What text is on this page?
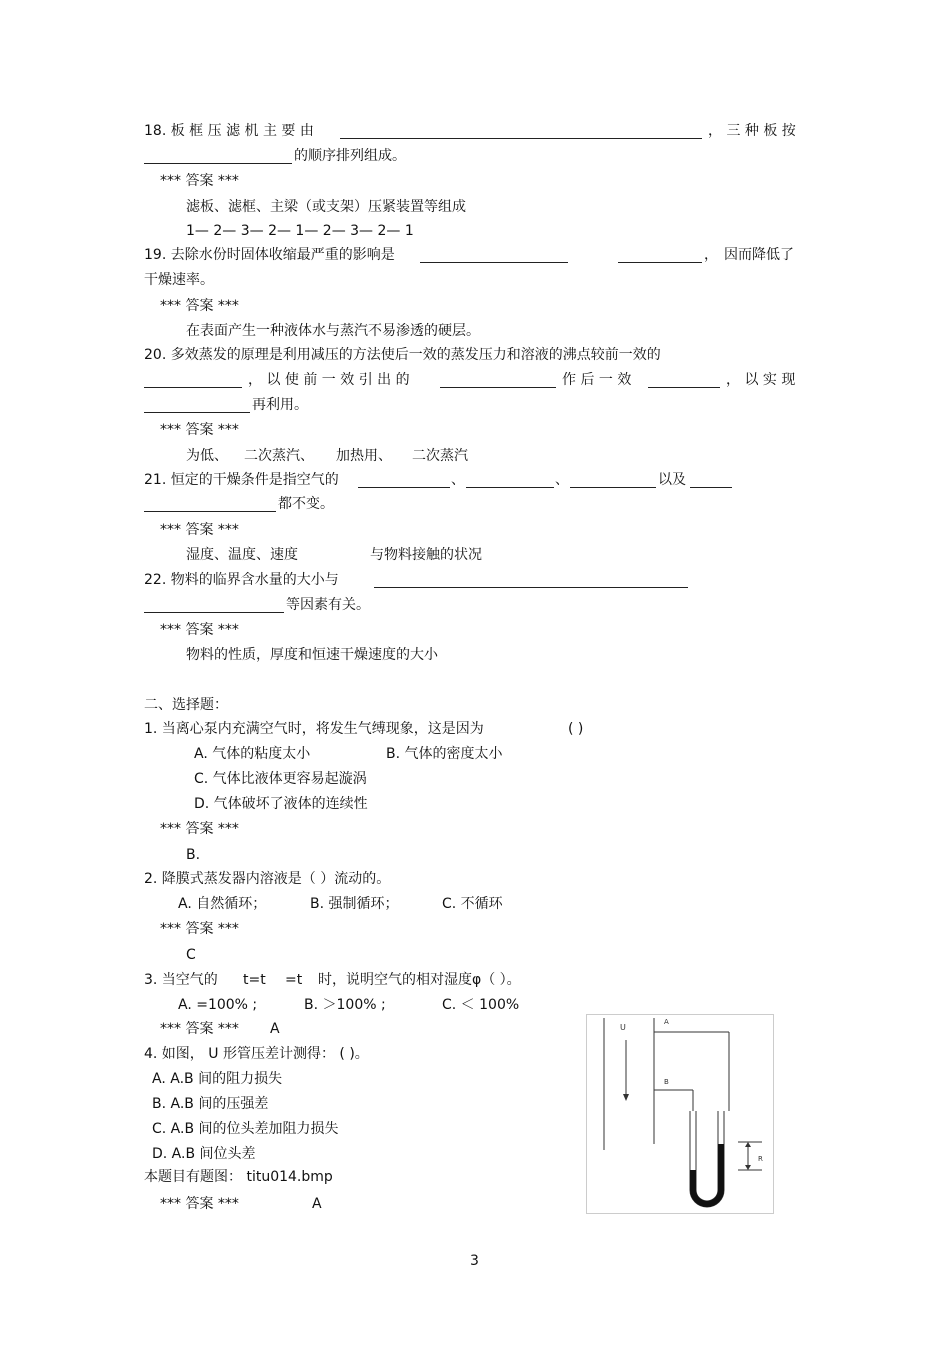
18. 板 框 压 滤 机 主 要 由	， 三 种 板 按
的顺序排列组成。
*** 答案 ***
滤板、滤框、主梁（或支架）压紧装置等组成
1— 2— 3— 2— 1— 2— 3— 2— 1
19. 去除水份时固体收缩最严重的影响是	， 因而降低了
干燥速率。
*** 答案 ***
在表面产生一种液体水与蒸汽不易渗透的硬层。
20. 多效蒸发的原理是利用减压的方法使后一效的蒸发压力和溶液的沸点较前一效的
， 以 使 前 一 效 引 出 的	作 后 一 效	， 以 实 现
再利用。
*** 答案 ***
为低、 二次蒸汽、 加热用、 二次蒸汽
21. 恒定的干燥条件是指空气的	、	、	以及
都不变。
*** 答案 ***
湿度、温度、速度	与物料接触的状况
22. 物料的临界含水量的大小与
等因素有关。
*** 答案 ***
物料的性质，厚度和恒速干燥速度的大小
二、选择题：
1. 当离心泵内充满空气时，将发生气缚现象，这是因为	( )
A. 气体的粘度太小	B. 气体的密度太小
C. 气体比液体更容易起漩涡
D. 气体破坏了液体的连续性
*** 答案 ***
B.
2. 降膜式蒸发器内溶液是（ ）流动的。
A. 自然循环；	B. 强制循环；	C. 不循环
*** 答案 ***
C
3. 当空气的 t=t =t 时，说明空气的相对湿度φ（ ）。
A. =100% ;	B. ＞100% ;	C. ＜ 100%
*** 答案 *** A
4. 如图， U 形管压差计测得： ( )。
A. A.B 间的阻力损失
B. A.B 间的压强差
C. A.B 间的位头差加阻力损失
D. A.B 间位头差
本题目有题图： titu014.bmp
*** 答案 ***	A
U
A
B
R
3
